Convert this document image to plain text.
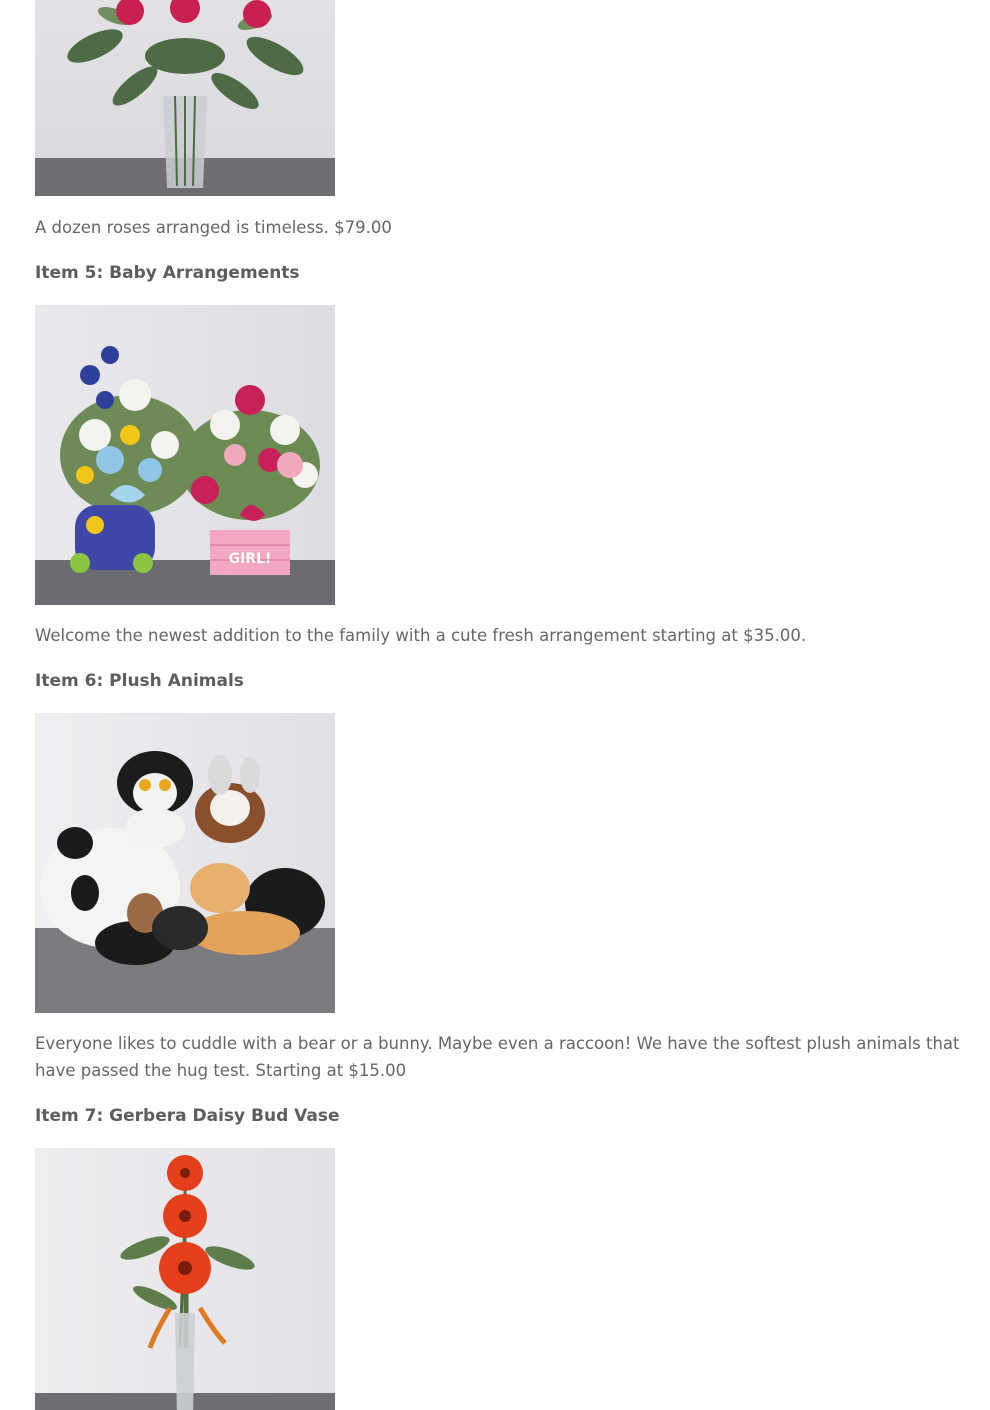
A dozen roses arranged is timeless. $79.00

Item 5: Baby Arrangements
GIRL!

Welcome the newest addition to the family with a cute fresh arrangement starting at $35.00.

Item 6: Plush Animals

Everyone likes to cuddle with a bear or a bunny. Maybe even a raccoon! We have the softest plush animals that have passed the hug test. Starting at $15.00

Item 7: Gerbera Daisy Bud Vase
